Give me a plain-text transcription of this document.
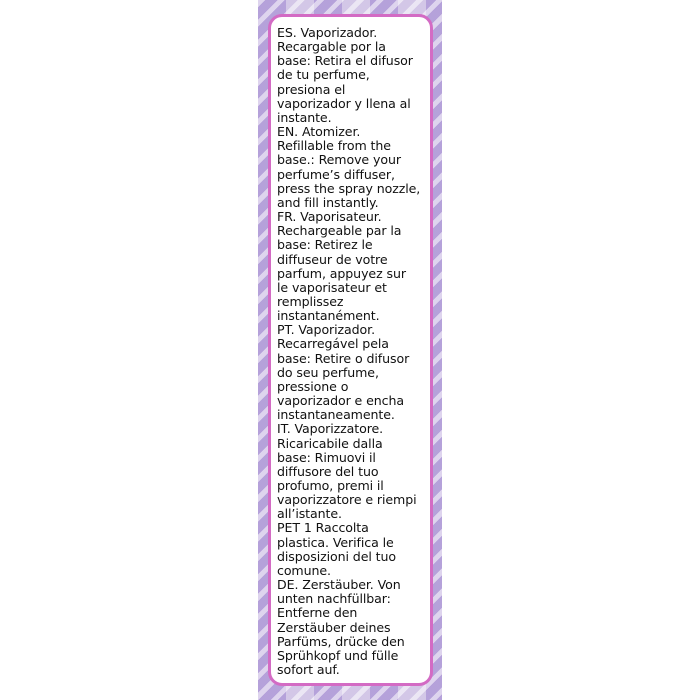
ES. Vaporizador.
Recargable por la
base: Retira el difusor
de tu perfume,
presiona el
vaporizador y llena al
instante.
EN. Atomizer.
Refillable from the
base.: Remove your
perfume’s diffuser,
press the spray nozzle,
and fill instantly.
FR. Vaporisateur.
Rechargeable par la
base: Retirez le
diffuseur de votre
parfum, appuyez sur
le vaporisateur et
remplissez
instantanément.
PT. Vaporizador.
Recarregável pela
base: Retire o difusor
do seu perfume,
pressione o
vaporizador e encha
instantaneamente.
IT. Vaporizzatore.
Ricaricabile dalla
base: Rimuovi il
diffusore del tuo
profumo, premi il
vaporizzatore e riempi
all’istante.
PET 1 Raccolta
plastica. Verifica le
disposizioni del tuo
comune.
DE. Zerstäuber. Von
unten nachfüllbar:
Entferne den
Zerstäuber deines
Parfüms, drücke den
Sprühkopf und fülle
sofort auf.
